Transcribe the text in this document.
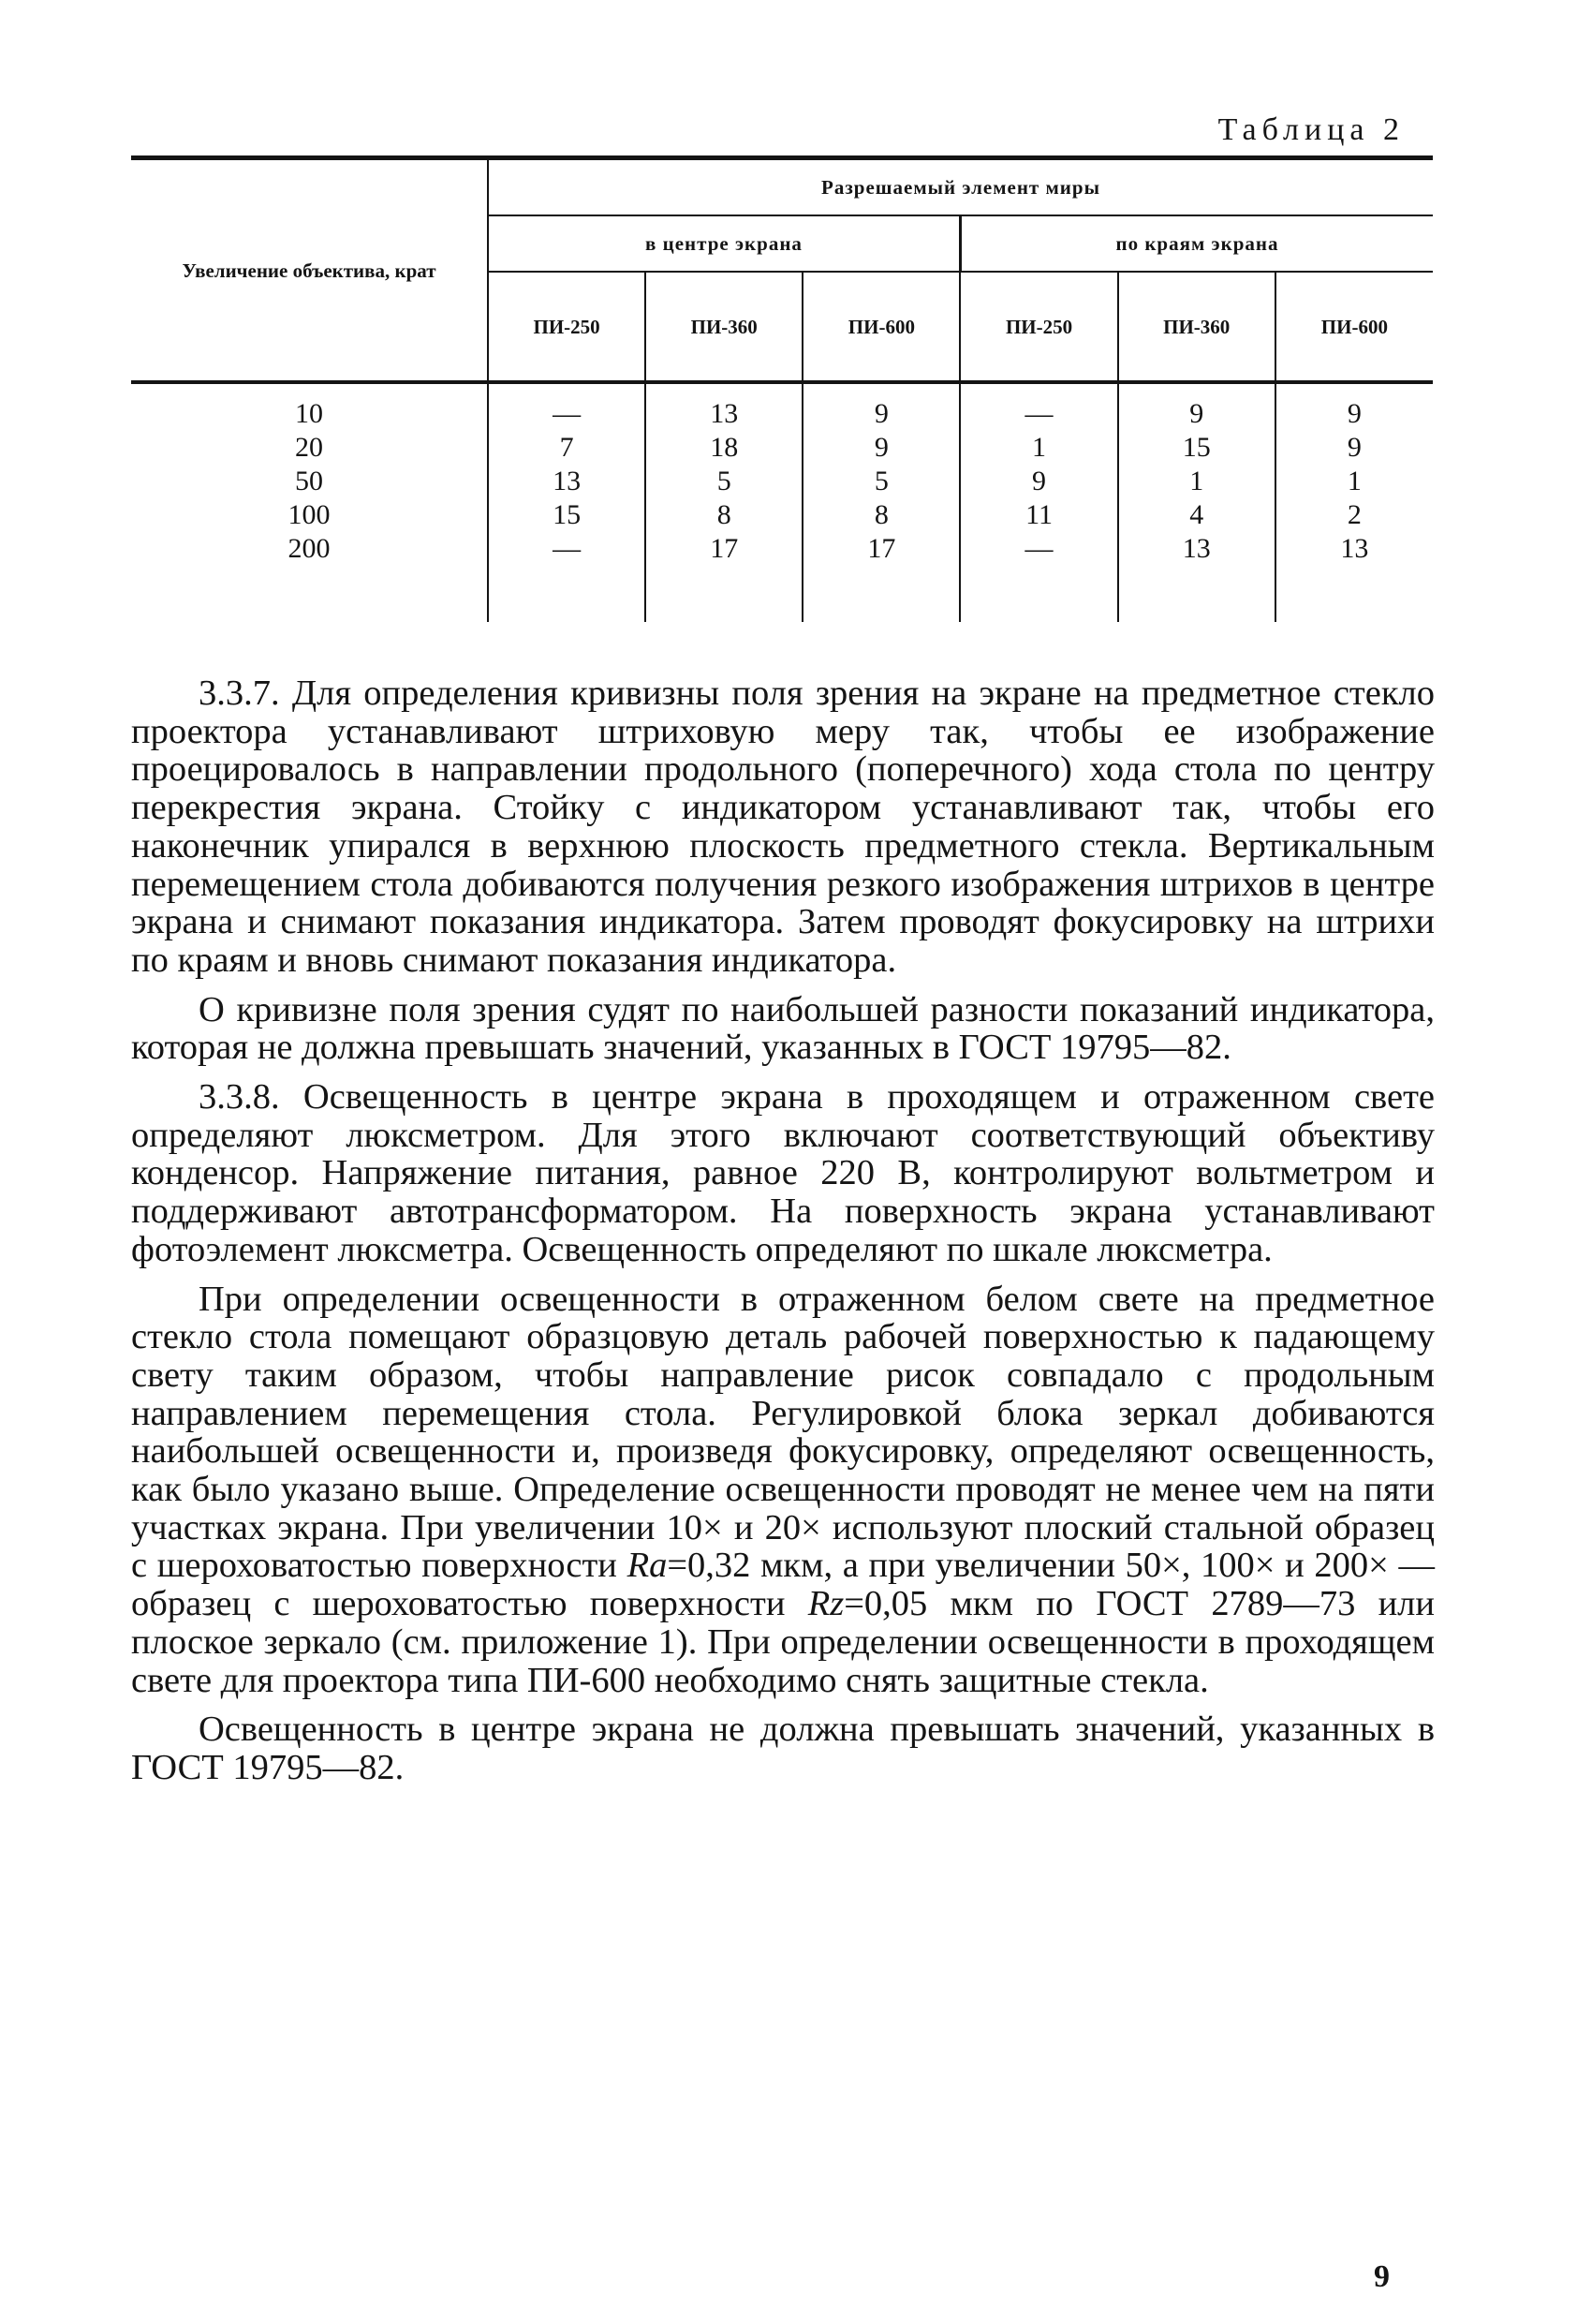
Таблица 2
Увеличение объектива, крат	Разрешаемый элемент миры					
	в центре экрана			по краям экрана		
	ПИ-250	ПИ-360	ПИ-600	ПИ-250	ПИ-360	ПИ-600

10	—	13	9	—	9	9
20	7	18	9	1	15	9
50	13	5	5	9	1	1
100	15	8	8	11	4	2
200	—	17	17	—	13	13

3.3.7. Для определения кривизны поля зрения на экране на предметное стекло проектора устанавливают штриховую меру так, чтобы ее изображение проецировалось в направлении продольного (поперечного) хода стола по центру перекрестия экрана. Стойку с индикатором устанавливают так, чтобы его наконечник упирался в верхнюю плоскость предметного стекла. Вертикальным перемещением стола добиваются получения резкого изображения штрихов в центре экрана и снимают показания индикатора. Затем проводят фокусировку на штрихи по краям и вновь снимают показания индикатора.

О кривизне поля зрения судят по наибольшей разности показаний индикатора, которая не должна превышать значений, указанных в ГОСТ 19795—82.

3.3.8. Освещенность в центре экрана в проходящем и отраженном свете определяют люксметром. Для этого включают соответствующий объективу конденсор. Напряжение питания, равное 220 В, контролируют вольтметром и поддерживают автотрансформатором. На поверхность экрана устанавливают фотоэлемент люксметра. Освещенность определяют по шкале люксметра.

При определении освещенности в отраженном белом свете на предметное стекло стола помещают образцовую деталь рабочей поверхностью к падающему свету таким образом, чтобы направление рисок совпадало с продольным направлением перемещения стола. Регулировкой блока зеркал добиваются наибольшей освещенности и, произведя фокусировку, определяют освещенность, как было указано выше. Определение освещенности проводят не менее чем на пяти участках экрана. При увеличении 10× и 20× используют плоский стальной образец с шероховатостью поверхности Ra=0,32 мкм, а при увеличении 50×, 100× и 200× — образец с шероховатостью поверхности Rz=0,05 мкм по ГОСТ 2789—73 или плоское зеркало (см. приложение 1). При определении освещенности в проходящем свете для проектора типа ПИ-600 необходимо снять защитные стекла.

Освещенность в центре экрана не должна превышать значений, указанных в ГОСТ 19795—82.

9
